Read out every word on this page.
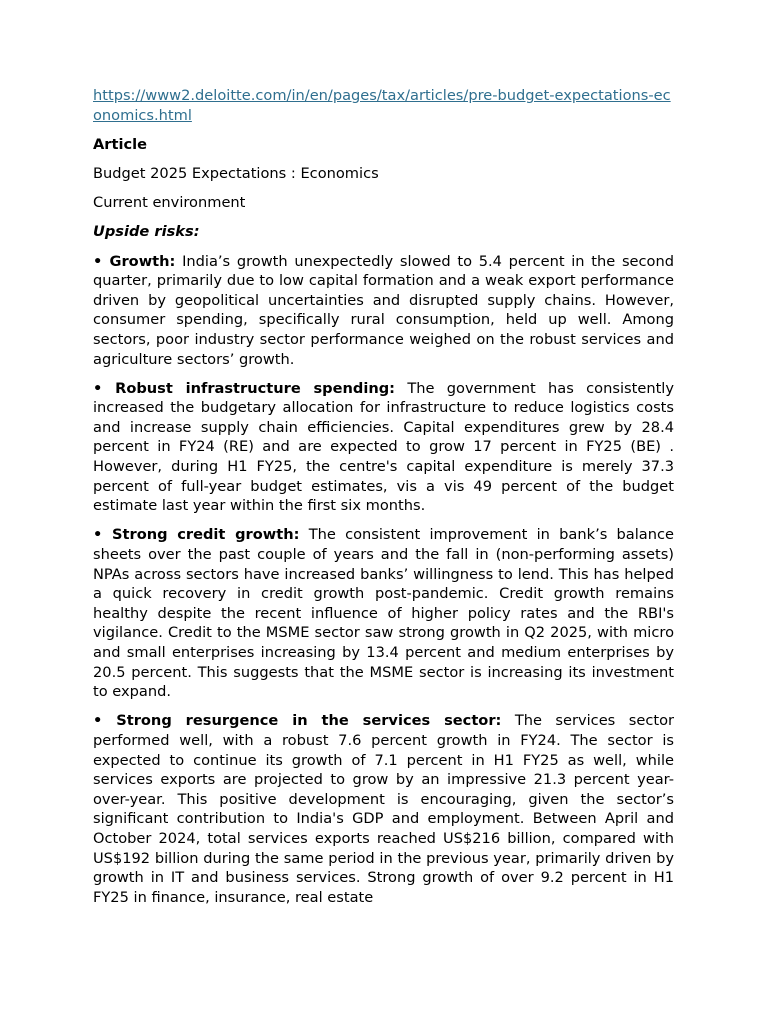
https://www2.deloitte.com/in/en/pages/tax/articles/pre-budget-expectations-economics.html
Article
Budget 2025 Expectations : Economics
Current environment
Upside risks:

• Growth: India’s growth unexpectedly slowed to 5.4 percent in the second quarter, primarily due to low capital formation and a weak export performance driven by geopolitical uncertainties and disrupted supply chains. However, consumer spending, specifically rural consumption, held up well. Among sectors, poor industry sector performance weighed on the robust services and agriculture sectors’ growth.

• Robust infrastructure spending: The government has consistently increased the budgetary allocation for infrastructure to reduce logistics costs and increase supply chain efficiencies. Capital expenditures grew by 28.4 percent in FY24 (RE) and are expected to grow 17 percent in FY25 (BE) . However, during H1 FY25, the centre's capital expenditure is merely 37.3 percent of full-year budget estimates, vis a vis 49 percent of the budget estimate last year within the first six months.

• Strong credit growth: The consistent improvement in bank’s balance sheets over the past couple of years and the fall in (non-performing assets) NPAs across sectors have increased banks’ willingness to lend. This has helped a quick recovery in credit growth post-pandemic. Credit growth remains healthy despite the recent influence of higher policy rates and the RBI's vigilance. Credit to the MSME sector saw strong growth in Q2 2025, with micro and small enterprises increasing by 13.4 percent and medium enterprises by 20.5 percent. This suggests that the MSME sector is increasing its investment to expand.

• Strong resurgence in the services sector: The services sector performed well, with a robust 7.6 percent growth in FY24. The sector is expected to continue its growth of 7.1 percent in H1 FY25 as well, while services exports are projected to grow by an impressive 21.3 percent year-over-year. This positive development is encouraging, given the sector’s significant contribution to India's GDP and employment. Between April and October 2024, total services exports reached US$216 billion, compared with US$192 billion during the same period in the previous year, primarily driven by growth in IT and business services. Strong growth of over 9.2 percent in H1 FY25 in finance, insurance, real estate
